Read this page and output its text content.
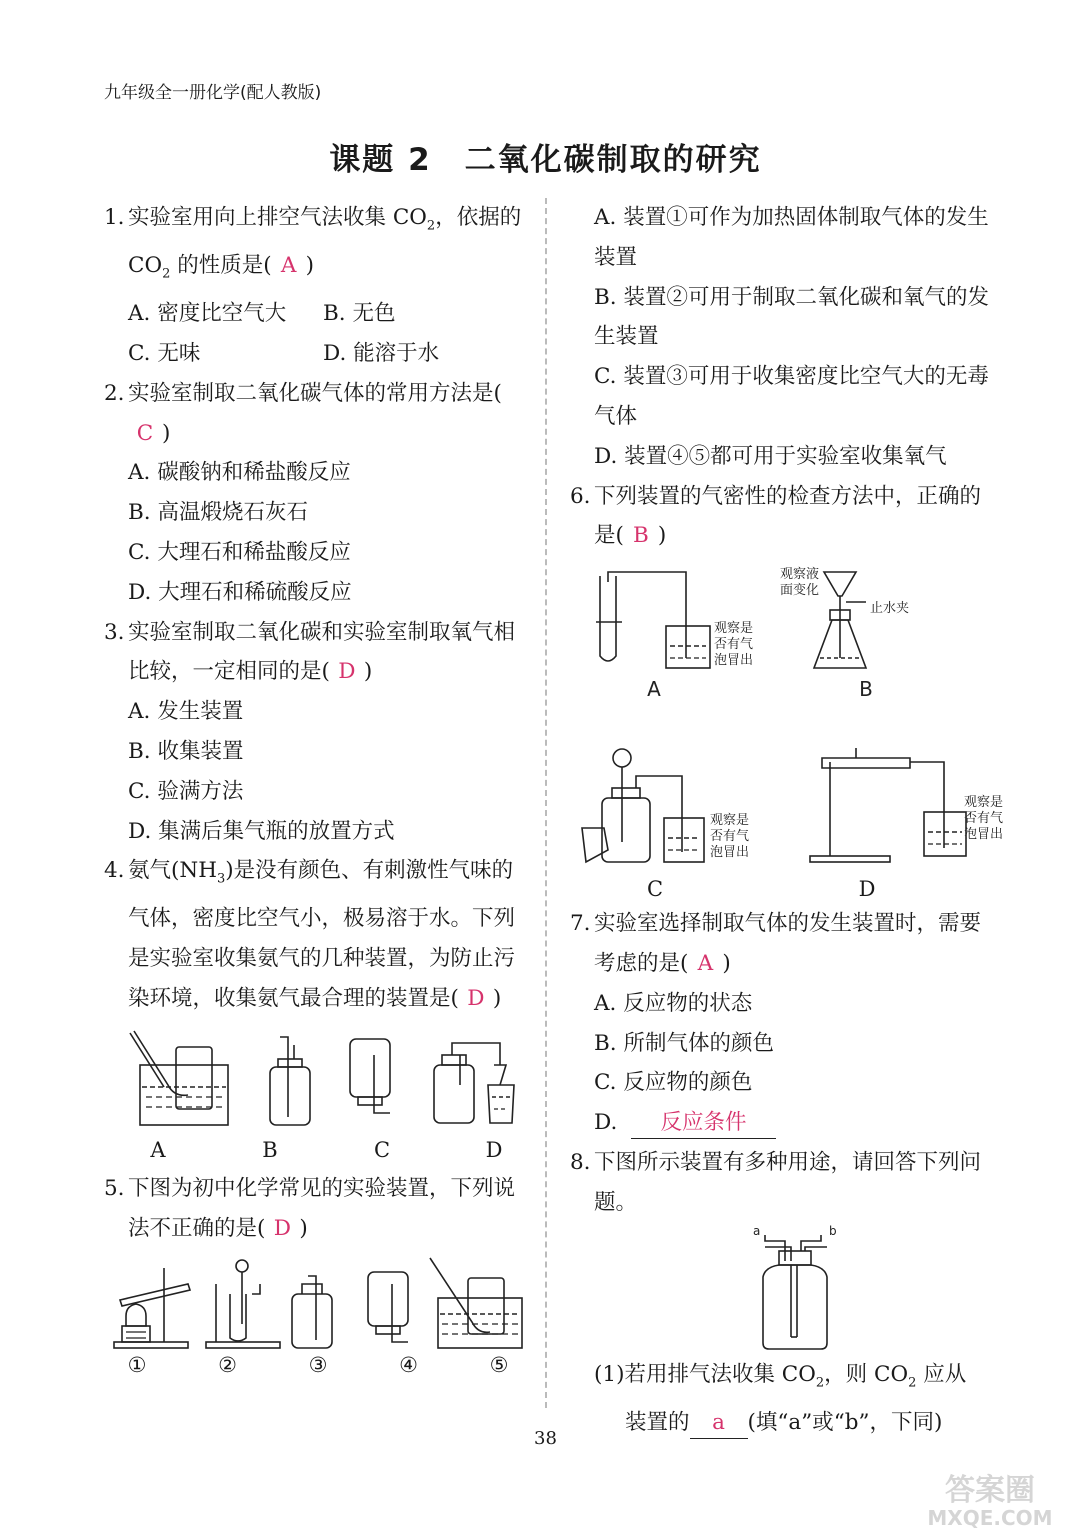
九年级全一册化学(配人教版)
课题 2　二氧化碳制取的研究
1. 实验室用向上排空气法收集 $CO_2$，依据的 $CO_2$ 的性质是( A )
A. 密度比空气大	B. 无色
C. 无味	D. 能溶于水
2. 实验室制取二氧化碳气体的常用方法是(C )
A. 碳酸钠和稀盐酸反应
B. 高温煅烧石灰石
C. 大理石和稀盐酸反应
D. 大理石和稀硫酸反应
3. 实验室制取二氧化碳和实验室制取氧气相比较，一定相同的是( D )
A. 发生装置
B. 收集装置
C. 验满方法
D. 集满后集气瓶的放置方式
4. 氨气$(NH_3)$是没有颜色、有刺激性气味的气体，密度比空气小，极易溶于水。下列是实验室收集氨气的几种装置，为防止污染环境，收集氨气最合理的装置是( D )
A	B	C	D
5. 下图为初中化学常见的实验装置，下列说法不正确的是( D )
①	②	③	④	⑤
A. 装置①可作为加热固体制取气体的发生装置
B. 装置②可用于制取二氧化碳和氧气的发生装置
C. 装置③可用于收集密度比空气大的无毒气体
D. 装置④⑤都可用于实验室收集氧气
6. 下列装置的气密性的检查方法中，正确的是( B )
观察是
否有气
泡冒出
观察液
面变化
止水夹
观察是
否有气
泡冒出
观察是
否有气
泡冒出
A	B
C	D
7. 实验室选择制取气体的发生装置时，需要考虑的是( A )
A. 反应物的状态
B. 所制气体的颜色
C. 反应物的颜色
D. 反应条件
8. 下图所示装置有多种用途，请回答下列问题。
a	b
(1)若用排气法收集 $CO_2$，则 $CO_2$ 应从
装置的 a (填“a”或“b”，下同)
38
答案圈
MXQE.COM
